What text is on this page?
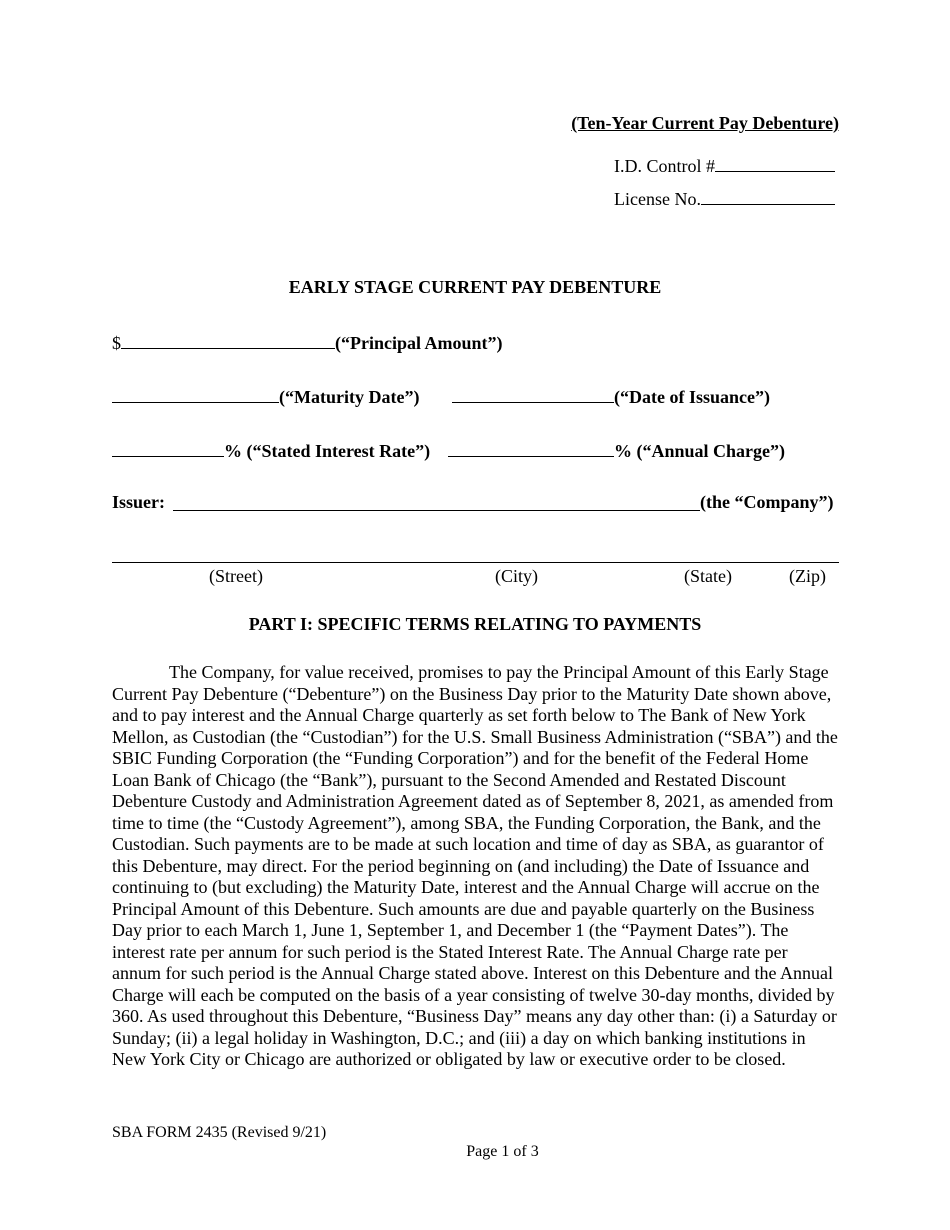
(Ten-Year Current Pay Debenture)
I.D. Control #
License No.
EARLY STAGE CURRENT PAY DEBENTURE
$	(“Principal Amount”)
(“Maturity Date”)	(“Date of Issuance”)
% (“Stated Interest Rate”)	% (“Annual Charge”)
Issuer:	(the “Company”)
(Street)	(City)	(State)	(Zip)
PART I: SPECIFIC TERMS RELATING TO PAYMENTS

The Company, for value received, promises to pay the Principal Amount of this Early Stage Current Pay Debenture (“Debenture”) on the Business Day prior to the Maturity Date shown above, and to pay interest and the Annual Charge quarterly as set forth below to The Bank of New York Mellon, as Custodian (the “Custodian”) for the U.S. Small Business Administration (“SBA”) and the SBIC Funding Corporation (the “Funding Corporation”) and for the benefit of the Federal Home Loan Bank of Chicago (the “Bank”), pursuant to the Second Amended and Restated Discount Debenture Custody and Administration Agreement dated as of September 8, 2021, as amended from time to time (the “Custody Agreement”), among SBA, the Funding Corporation, the Bank, and the Custodian. Such payments are to be made at such location and time of day as SBA, as guarantor of this Debenture, may direct. For the period beginning on (and including) the Date of Issuance and continuing to (but excluding) the Maturity Date, interest and the Annual Charge will accrue on the Principal Amount of this Debenture. Such amounts are due and payable quarterly on the Business Day prior to each March 1, June 1, September 1, and December 1 (the “Payment Dates”). The interest rate per annum for such period is the Stated Interest Rate. The Annual Charge rate per annum for such period is the Annual Charge stated above. Interest on this Debenture and the Annual Charge will each be computed on the basis of a year consisting of twelve 30-day months, divided by 360. As used throughout this Debenture, “Business Day” means any day other than: (i) a Saturday or Sunday; (ii) a legal holiday in Washington, D.C.; and (iii) a day on which banking institutions in New York City or Chicago are authorized or obligated by law or executive order to be closed.

SBA FORM 2435 (Revised 9/21)
Page 1 of 3
